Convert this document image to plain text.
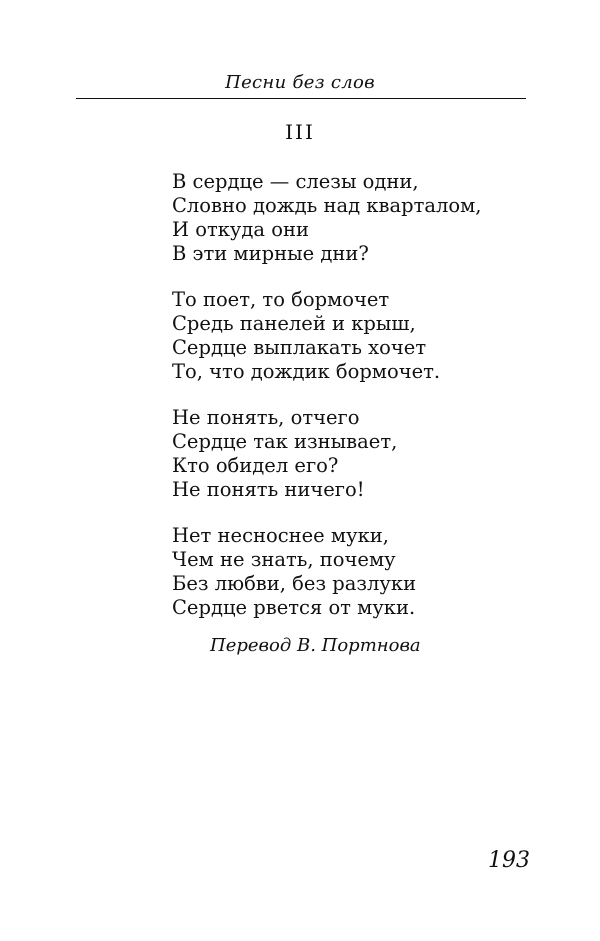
Песни без слов
III
В сердце — слезы одни,
Словно дождь над кварталом,
И откуда они
В эти мирные дни?
То поет, то бормочет
Средь панелей и крыш,
Сердце выплакать хочет
То, что дождик бормочет.
Не понять, отчего
Сердце так изнывает,
Кто обидел его?
Не понять ничего!
Нет несноснее муки,
Чем не знать, почему
Без любви, без разлуки
Сердце рвется от муки.
Перевод В. Портнова
193
